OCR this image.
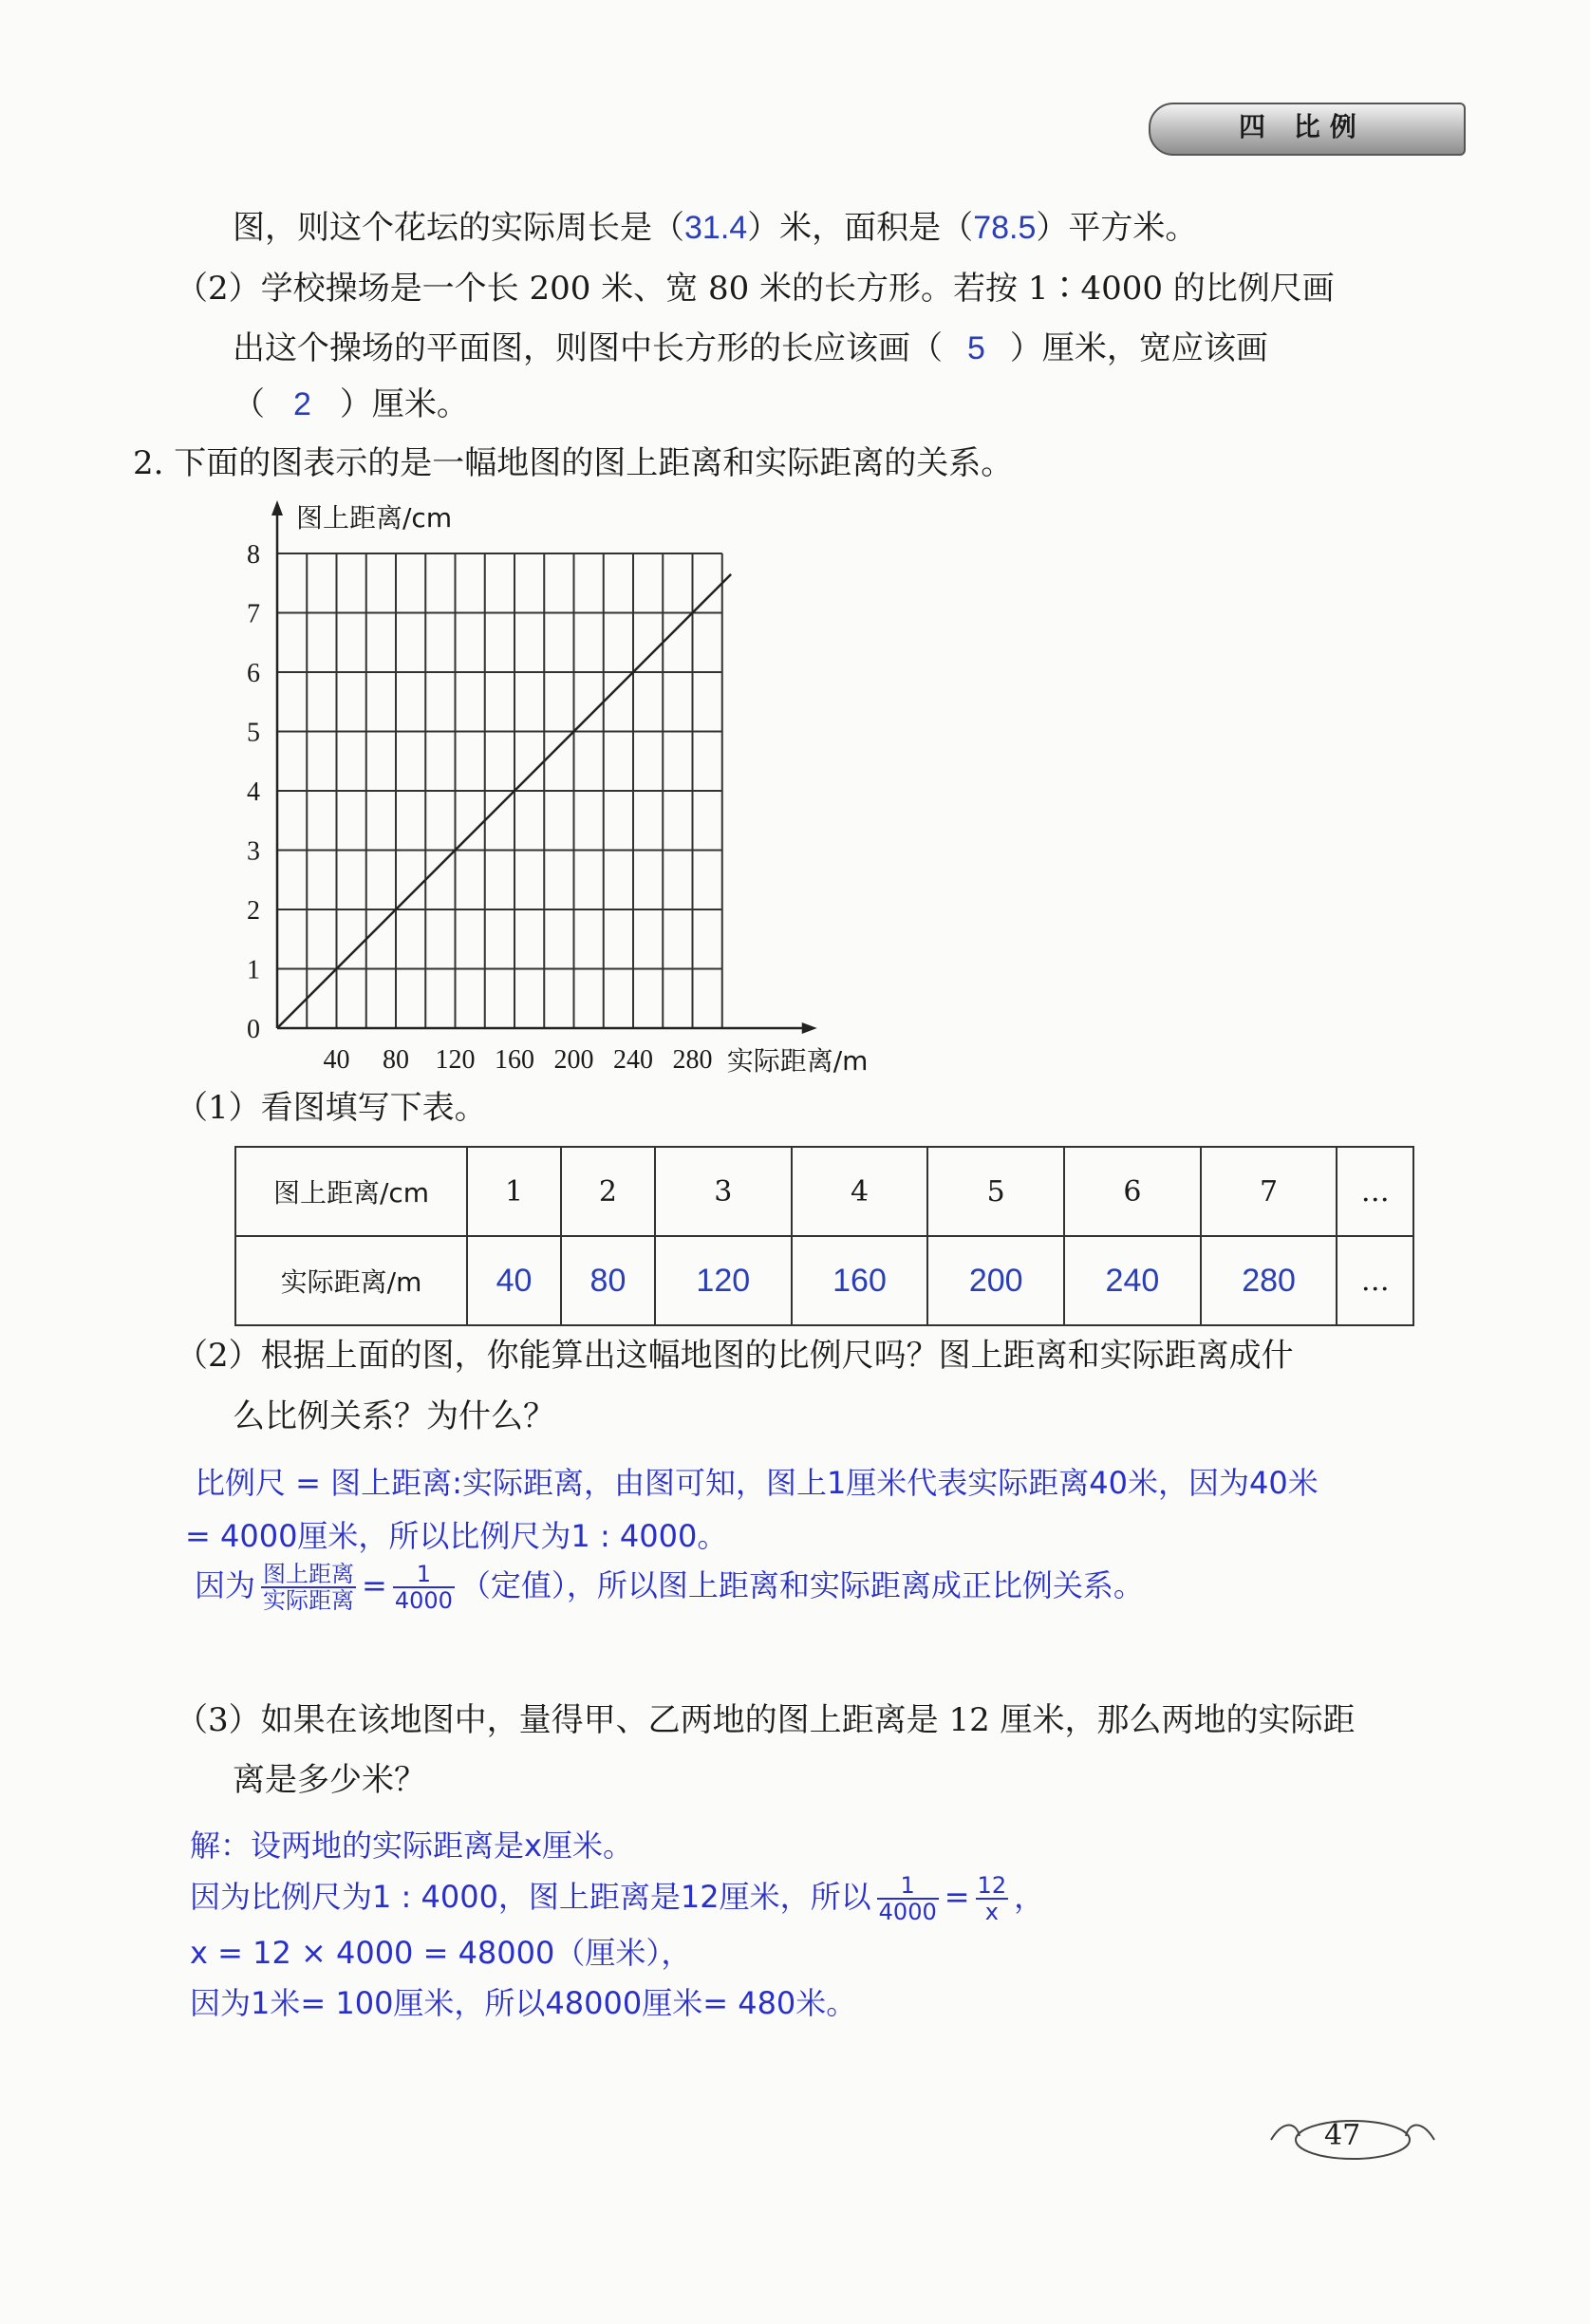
四 比例
图，则这个花坛的实际周长是（31.4）米，面积是（78.5）平方米。
（2）学校操场是一个长 200 米、宽 80 米的长方形。若按 1∶4000 的比例尺画
出这个操场的平面图，则图中长方形的长应该画（ 5 ）厘米，宽应该画
（ 2 ）厘米。
2. 下面的图表示的是一幅地图的图上距离和实际距离的关系。
0
1
2
3
4
5
6
7
8
40 80 120 160 200 240 280
图上距离/cm
实际距离/m
（1）看图填写下表。
图上距离/cm	1	2	3	4	5	6	7	…
实际距离/m	40	80	120	160	200	240	280	…
（2）根据上面的图，你能算出这幅地图的比例尺吗？图上距离和实际距离成什
么比例关系？为什么？
比例尺 = 图上距离:实际距离，由图可知，图上1厘米代表实际距离40米，因为40米
= 4000厘米，所以比例尺为1 : 4000。
因为 $\frac{\text{图上距离}}{\text{实际距离}} = \frac{1}{4000}$ （定值），所以图上距离和实际距离成正比例关系。
（3）如果在该地图中，量得甲、乙两地的图上距离是 12 厘米，那么两地的实际距
离是多少米？
解：设两地的实际距离是x厘米。
因为比例尺为1 : 4000，图上距离是12厘米，所以 $\frac{1}{4000} = \frac{12}{x}$ ，
x = 12 × 4000 = 48000（厘米），
因为1米= 100厘米，所以48000厘米= 480米。
47
